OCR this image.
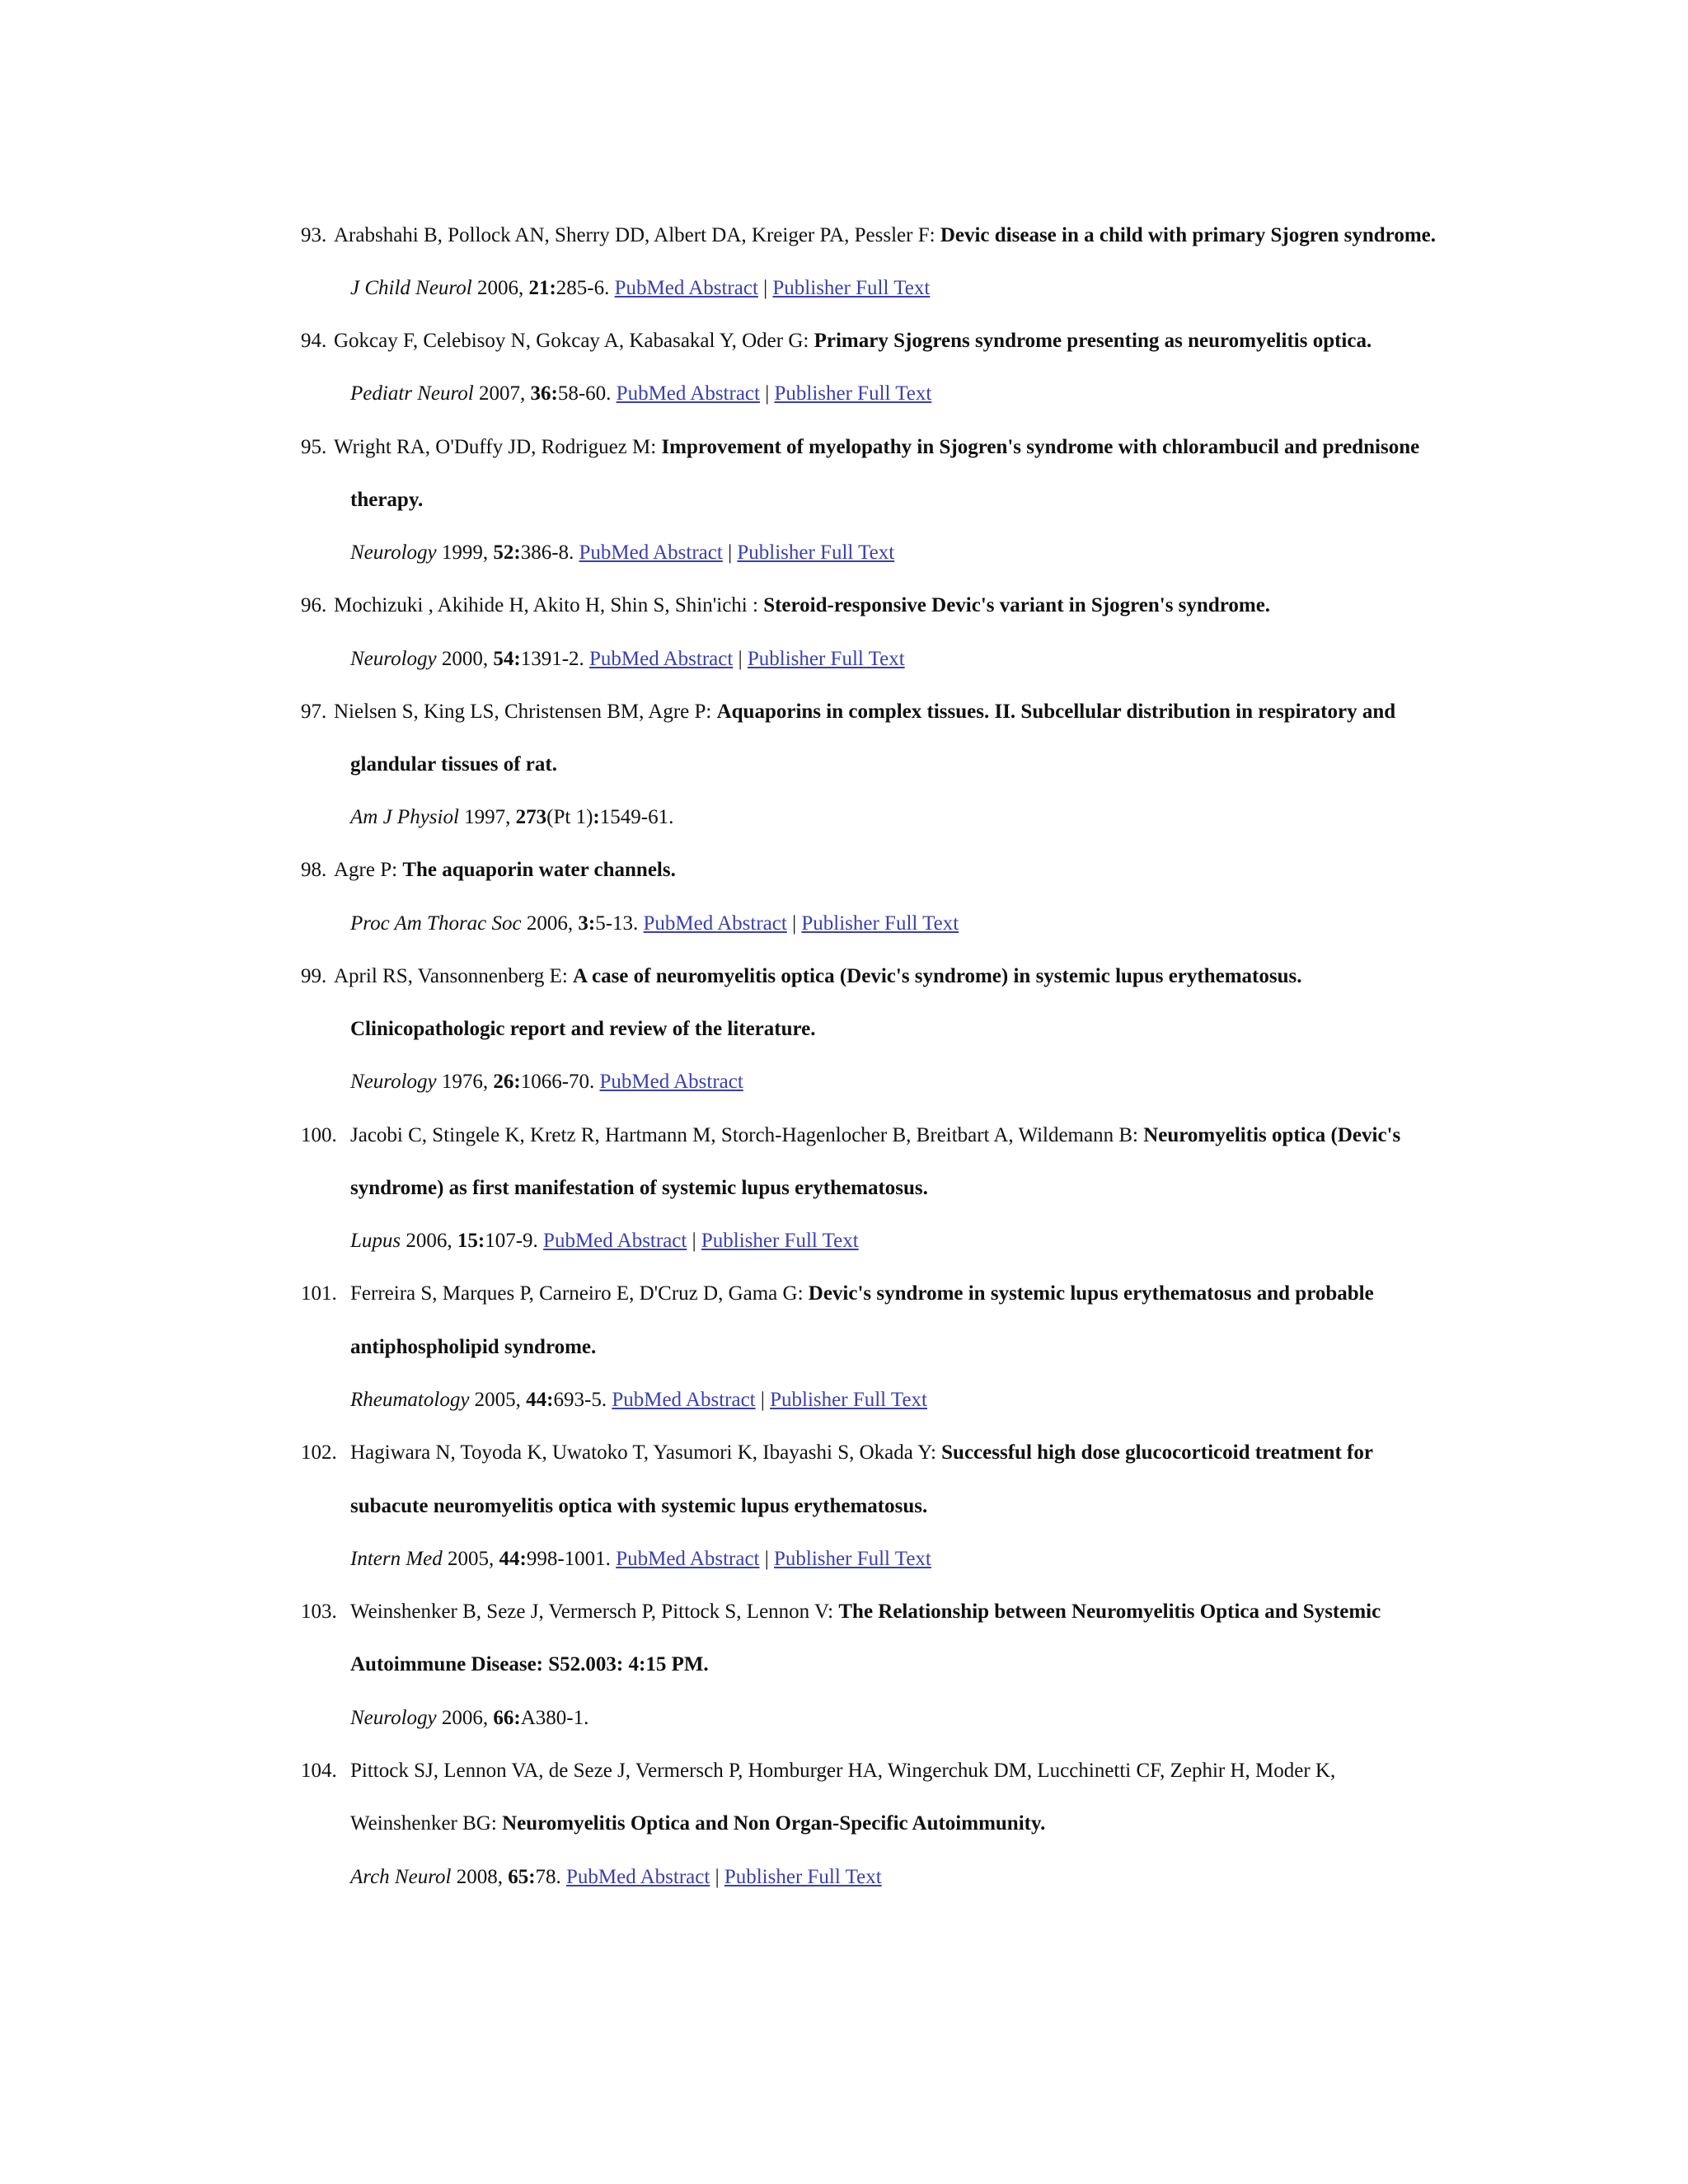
93. Arabshahi B, Pollock AN, Sherry DD, Albert DA, Kreiger PA, Pessler F: Devic disease in a child with primary Sjogren syndrome.
J Child Neurol 2006, 21:285-6. PubMed Abstract | Publisher Full Text
94. Gokcay F, Celebisoy N, Gokcay A, Kabasakal Y, Oder G: Primary Sjogrens syndrome presenting as neuromyelitis optica.
Pediatr Neurol 2007, 36:58-60. PubMed Abstract | Publisher Full Text
95. Wright RA, O'Duffy JD, Rodriguez M: Improvement of myelopathy in Sjogren's syndrome with chlorambucil and prednisone
therapy.
Neurology 1999, 52:386-8. PubMed Abstract | Publisher Full Text
96. Mochizuki , Akihide H, Akito H, Shin S, Shin'ichi : Steroid-responsive Devic's variant in Sjogren's syndrome.
Neurology 2000, 54:1391-2. PubMed Abstract | Publisher Full Text
97. Nielsen S, King LS, Christensen BM, Agre P: Aquaporins in complex tissues. II. Subcellular distribution in respiratory and
glandular tissues of rat.
Am J Physiol 1997, 273(Pt 1):1549-61.
98. Agre P: The aquaporin water channels.
Proc Am Thorac Soc 2006, 3:5-13. PubMed Abstract | Publisher Full Text
99. April RS, Vansonnenberg E: A case of neuromyelitis optica (Devic's syndrome) in systemic lupus erythematosus.
Clinicopathologic report and review of the literature.
Neurology 1976, 26:1066-70. PubMed Abstract
100. Jacobi C, Stingele K, Kretz R, Hartmann M, Storch-Hagenlocher B, Breitbart A, Wildemann B: Neuromyelitis optica (Devic's
syndrome) as first manifestation of systemic lupus erythematosus.
Lupus 2006, 15:107-9. PubMed Abstract | Publisher Full Text
101. Ferreira S, Marques P, Carneiro E, D'Cruz D, Gama G: Devic's syndrome in systemic lupus erythematosus and probable
antiphospholipid syndrome.
Rheumatology 2005, 44:693-5. PubMed Abstract | Publisher Full Text
102. Hagiwara N, Toyoda K, Uwatoko T, Yasumori K, Ibayashi S, Okada Y: Successful high dose glucocorticoid treatment for
subacute neuromyelitis optica with systemic lupus erythematosus.
Intern Med 2005, 44:998-1001. PubMed Abstract | Publisher Full Text
103. Weinshenker B, Seze J, Vermersch P, Pittock S, Lennon V: The Relationship between Neuromyelitis Optica and Systemic
Autoimmune Disease: S52.003: 4:15 PM.
Neurology 2006, 66:A380-1.
104. Pittock SJ, Lennon VA, de Seze J, Vermersch P, Homburger HA, Wingerchuk DM, Lucchinetti CF, Zephir H, Moder K,
Weinshenker BG: Neuromyelitis Optica and Non Organ-Specific Autoimmunity.
Arch Neurol 2008, 65:78. PubMed Abstract | Publisher Full Text
